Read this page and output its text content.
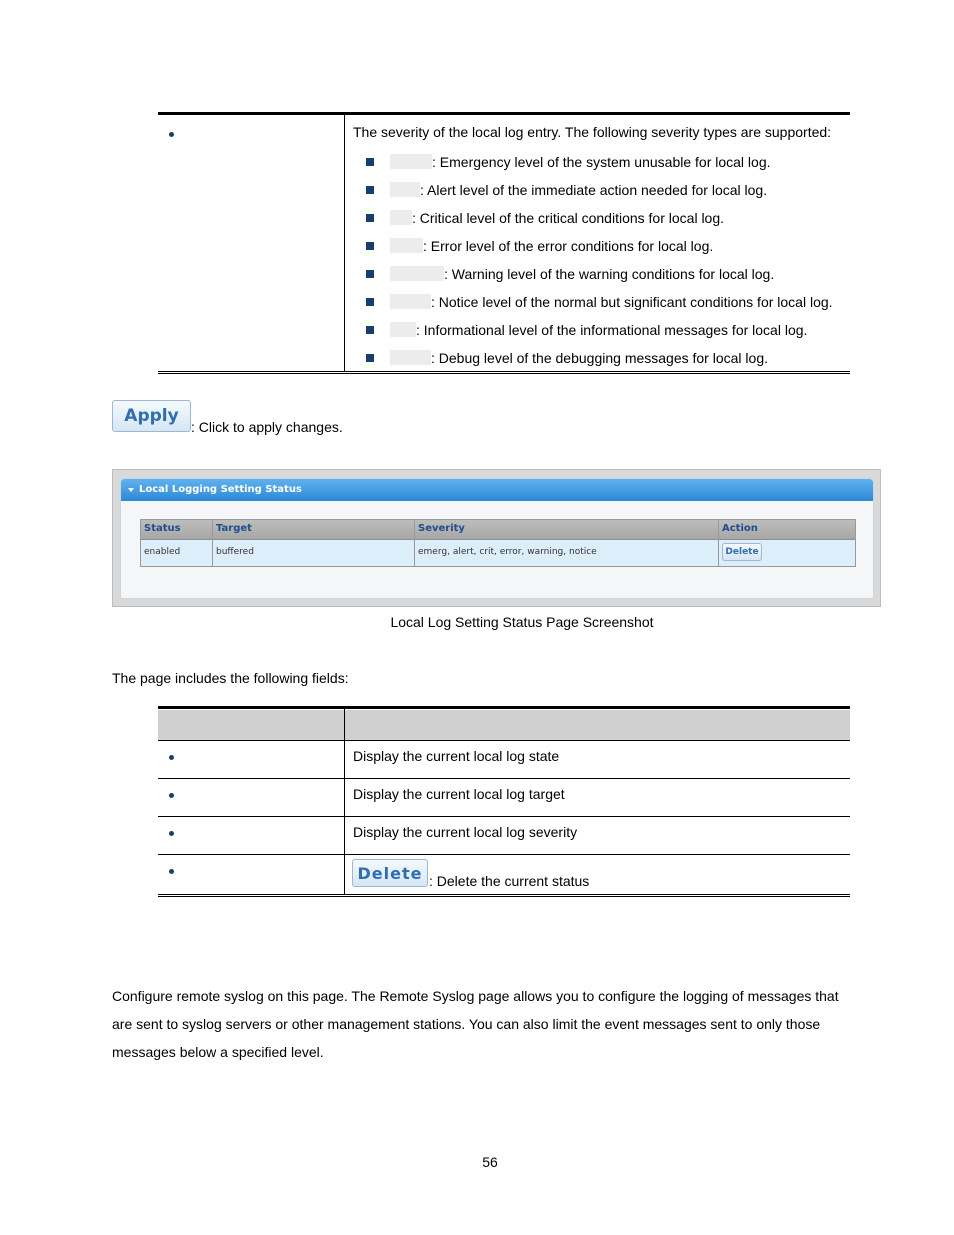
The severity of the local log entry. The following severity types are supported:
: Emergency level of the system unusable for local log.
: Alert level of the immediate action needed for local log.
: Critical level of the critical conditions for local log.
: Error level of the error conditions for local log.
: Warning level of the warning conditions for local log.
: Notice level of the normal but significant conditions for local log.
: Informational level of the informational messages for local log.
: Debug level of the debugging messages for local log.
Apply
: Click to apply changes.
Local Logging Setting Status
Status	Target	Severity	Action
enabled	buffered	emerg, alert, crit, error, warning, notice	Delete
Local Log Setting Status Page Screenshot
The page includes the following fields:
Display the current local log state
Display the current local log target
Display the current local log severity
Delete : Delete the current status
Configure remote syslog on this page. The Remote Syslog page allows you to configure the logging of messages that
are sent to syslog servers or other management stations. You can also limit the event messages sent to only those
messages below a specified level.
56
